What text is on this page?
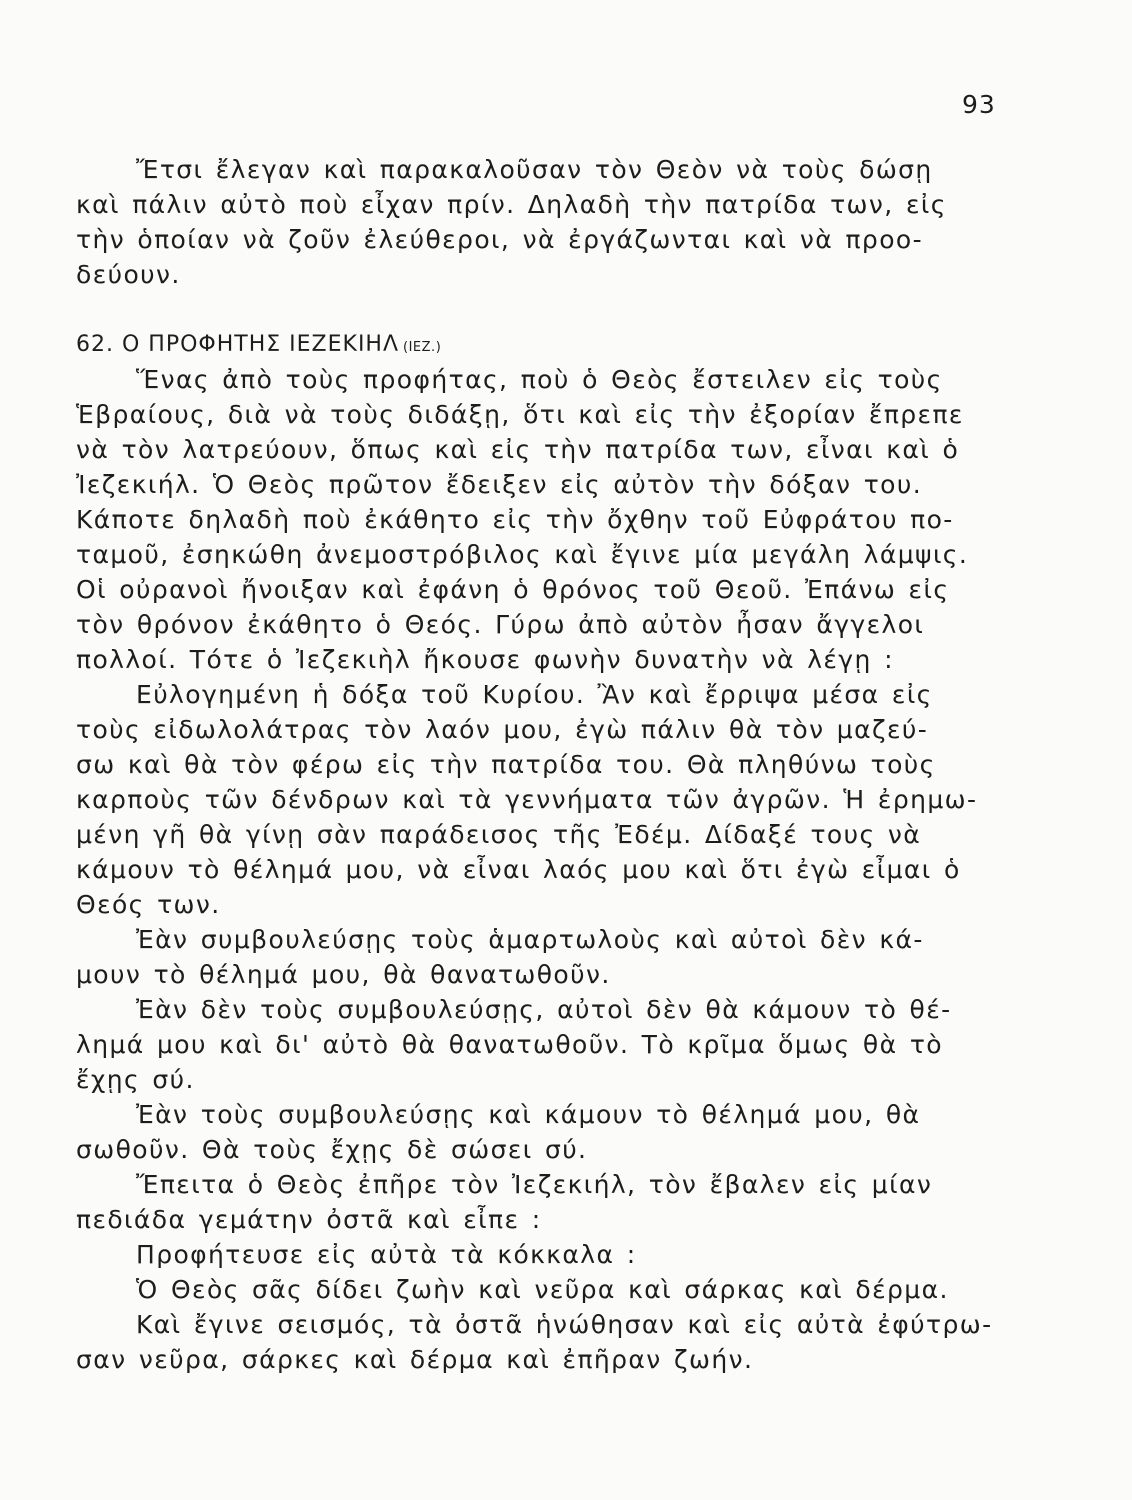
93
Ἔτσι ἔλεγαν καὶ παρακαλοῦσαν τὸν Θεὸν νὰ τοὺς δώσῃ
καὶ πάλιν αὐτὸ ποὺ εἶχαν πρίν. Δηλαδὴ τὴν πατρίδα των, εἰς
τὴν ὁποίαν νὰ ζοῦν ἐλεύθεροι, νὰ ἐργάζωνται καὶ νὰ προο-
δεύουν.
62. Ο ΠΡΟΦΗΤΗΣ ΙΕΖΕΚΙΗΛ (ΙΕΖ.)
Ἕνας ἀπὸ τοὺς προφήτας, ποὺ ὁ Θεὸς ἔστειλεν εἰς τοὺς
Ἑβραίους, διὰ νὰ τοὺς διδάξῃ, ὅτι καὶ εἰς τὴν ἐξορίαν ἔπρεπε
νὰ τὸν λατρεύουν, ὅπως καὶ εἰς τὴν πατρίδα των, εἶναι καὶ ὁ
Ἰεζεκιήλ. Ὁ Θεὸς πρῶτον ἔδειξεν εἰς αὐτὸν τὴν δόξαν του.
Κάποτε δηλαδὴ ποὺ ἐκάθητο εἰς τὴν ὄχθην τοῦ Εὐφράτου πο-
ταμοῦ, ἐσηκώθη ἀνεμοστρόβιλος καὶ ἔγινε μία μεγάλη λάμψις.
Οἱ οὐρανοὶ ἤνοιξαν καὶ ἐφάνη ὁ θρόνος τοῦ Θεοῦ. Ἐπάνω εἰς
τὸν θρόνον ἐκάθητο ὁ Θεός. Γύρω ἀπὸ αὐτὸν ἦσαν ἄγγελοι
πολλοί. Τότε ὁ Ἰεζεκιὴλ ἤκουσε φωνὴν δυνατὴν νὰ λέγῃ :
Εὐλογημένη ἡ δόξα τοῦ Κυρίου. Ἂν καὶ ἔρριψα μέσα εἰς
τοὺς εἰδωλολάτρας τὸν λαόν μου, ἐγὼ πάλιν θὰ τὸν μαζεύ-
σω καὶ θὰ τὸν φέρω εἰς τὴν πατρίδα του. Θὰ πληθύνω τοὺς
καρποὺς τῶν δένδρων καὶ τὰ γεννήματα τῶν ἀγρῶν. Ἡ ἐρημω-
μένη γῆ θὰ γίνῃ σὰν παράδεισος τῆς Ἐδέμ. Δίδαξέ τους νὰ
κάμουν τὸ θέλημά μου, νὰ εἶναι λαός μου καὶ ὅτι ἐγὼ εἶμαι ὁ
Θεός των.
Ἐὰν συμβουλεύσῃς τοὺς ἁμαρτωλοὺς καὶ αὐτοὶ δὲν κά-
μουν τὸ θέλημά μου, θὰ θανατωθοῦν.
Ἐὰν δὲν τοὺς συμβουλεύσῃς, αὐτοὶ δὲν θὰ κάμουν τὸ θέ-
λημά μου καὶ δι' αὐτὸ θὰ θανατωθοῦν. Τὸ κρῖμα ὅμως θὰ τὸ
ἔχῃς σύ.
Ἐὰν τοὺς συμβουλεύσῃς καὶ κάμουν τὸ θέλημά μου, θὰ
σωθοῦν. Θὰ τοὺς ἔχῃς δὲ σώσει σύ.
Ἔπειτα ὁ Θεὸς ἐπῆρε τὸν Ἰεζεκιήλ, τὸν ἔβαλεν εἰς μίαν
πεδιάδα γεμάτην ὀστᾶ καὶ εἶπε :
Προφήτευσε εἰς αὐτὰ τὰ κόκκαλα :
Ὁ Θεὸς σᾶς δίδει ζωὴν καὶ νεῦρα καὶ σάρκας καὶ δέρμα.
Καὶ ἔγινε σεισμός, τὰ ὀστᾶ ἡνώθησαν καὶ εἰς αὐτὰ ἐφύτρω-
σαν νεῦρα, σάρκες καὶ δέρμα καὶ ἐπῆραν ζωήν.
